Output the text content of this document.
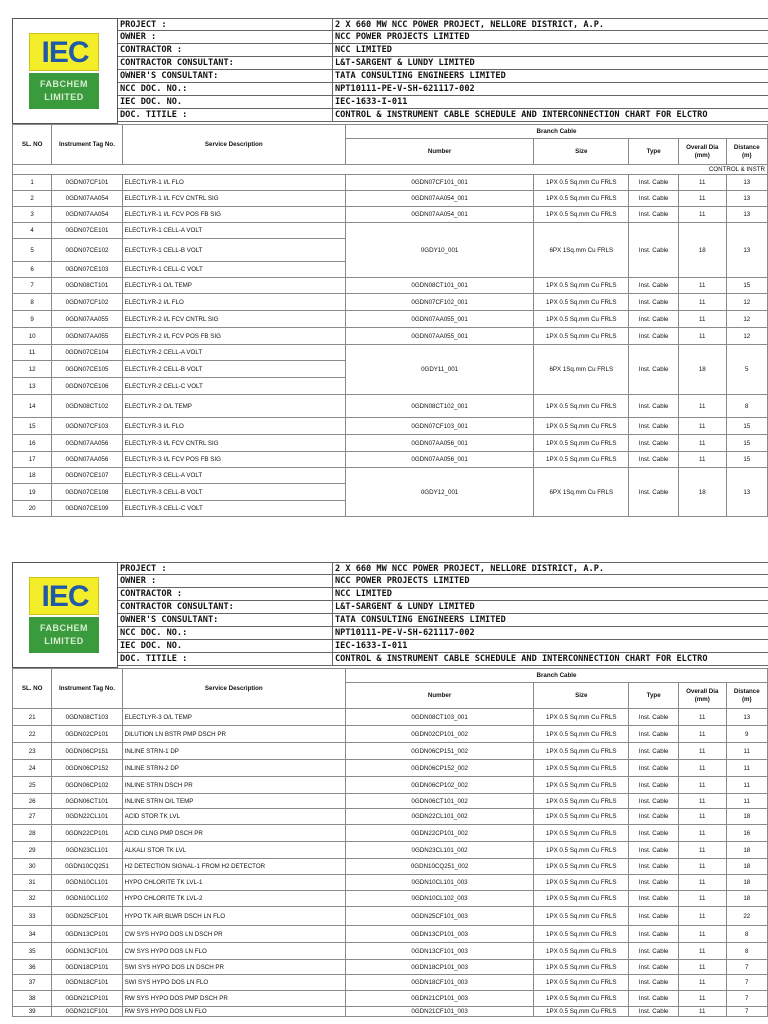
IEC
FABCHEM
LIMITED
PROJECT :	2 X 660 MW NCC POWER PROJECT, NELLORE DISTRICT, A.P.
OWNER :	NCC POWER PROJECTS LIMITED
CONTRACTOR :	NCC LIMITED
CONTRACTOR CONSULTANT:	L&T-SARGENT & LUNDY LIMITED
OWNER'S CONSULTANT:	TATA CONSULTING ENGINEERS LIMITED
NCC DOC. NO.:	NPT10111-PE-V-SH-621117-002
IEC DOC. NO.	IEC-1633-I-011
DOC. TITILE :	CONTROL & INSTRUMENT CABLE SCHEDULE AND INTERCONNECTION CHART FOR ELCTRO
SL. NO	Instrument Tag No.	Service Description	Branch Cable				
			Number	Size	Type	Overall Dia (mm)	Distance (m)
CONTROL & INSTR							
1	0GDN07CF101	ELECTLYR-1 I/L FLO	0GDN07CF101_001	1PX 0.5 Sq.mm Cu FRLS	Inst. Cable	11	13
2	0GDN07AA054	ELECTLYR-1 I/L FCV CNTRL SIG	0GDN07AA054_001	1PX 0.5 Sq.mm Cu FRLS	Inst. Cable	11	13
3	0GDN07AA054	ELECTLYR-1 I/L FCV POS FB SIG	0GDN07AA054_001	1PX 0.5 Sq.mm Cu FRLS	Inst. Cable	11	13
4	0GDN07CE101	ELECTLYR-1 CELL-A VOLT	0GDY10_001	6PX 1Sq.mm Cu FRLS	Inst. Cable	18	13
5	0GDN07CE102	ELECTLYR-1 CELL-B VOLT					
6	0GDN07CE103	ELECTLYR-1 CELL-C VOLT					
7	0GDN08CT101	ELECTLYR-1 O/L TEMP	0GDN08CT101_001	1PX 0.5 Sq.mm Cu FRLS	Inst. Cable	11	15
8	0GDN07CF102	ELECTLYR-2 I/L FLO	0GDN07CF102_001	1PX 0.5 Sq.mm Cu FRLS	Inst. Cable	11	12
9	0GDN07AA055	ELECTLYR-2 I/L FCV CNTRL SIG	0GDN07AA055_001	1PX 0.5 Sq.mm Cu FRLS	Inst. Cable	11	12
10	0GDN07AA055	ELECTLYR-2 I/L FCV POS FB SIG	0GDN07AA055_001	1PX 0.5 Sq.mm Cu FRLS	Inst. Cable	11	12
11	0GDN07CE104	ELECTLYR-2 CELL-A VOLT	0GDY11_001	6PX 1Sq.mm Cu FRLS	Inst. Cable	18	5
12	0GDN07CE105	ELECTLYR-2 CELL-B VOLT					
13	0GDN07CE106	ELECTLYR-2 CELL-C VOLT					
14	0GDN08CT102	ELECTLYR-2 O/L TEMP	0GDN08CT102_001	1PX 0.5 Sq.mm Cu FRLS	Inst. Cable	11	8
15	0GDN07CF103	ELECTLYR-3 I/L FLO	0GDN07CF103_001	1PX 0.5 Sq.mm Cu FRLS	Inst. Cable	11	15
16	0GDN07AA056	ELECTLYR-3 I/L FCV CNTRL SIG	0GDN07AA056_001	1PX 0.5 Sq.mm Cu FRLS	Inst. Cable	11	15
17	0GDN07AA056	ELECTLYR-3 I/L FCV POS FB SIG	0GDN07AA056_001	1PX 0.5 Sq.mm Cu FRLS	Inst. Cable	11	15
18	0GDN07CE107	ELECTLYR-3 CELL-A VOLT	0GDY12_001	6PX 1Sq.mm Cu FRLS	Inst. Cable	18	13
19	0GDN07CE108	ELECTLYR-3 CELL-B VOLT					
20	0GDN07CE109	ELECTLYR-3 CELL-C VOLT					
IEC
FABCHEM
LIMITED
PROJECT :	2 X 660 MW NCC POWER PROJECT, NELLORE DISTRICT, A.P.
OWNER :	NCC POWER PROJECTS LIMITED
CONTRACTOR :	NCC LIMITED
CONTRACTOR CONSULTANT:	L&T-SARGENT & LUNDY LIMITED
OWNER'S CONSULTANT:	TATA CONSULTING ENGINEERS LIMITED
NCC DOC. NO.:	NPT10111-PE-V-SH-621117-002
IEC DOC. NO.	IEC-1633-I-011
DOC. TITILE :	CONTROL & INSTRUMENT CABLE SCHEDULE AND INTERCONNECTION CHART FOR ELCTRO
SL. NO	Instrument Tag No.	Service Description	Branch Cable				
			Number	Size	Type	Overall Dia (mm)	Distance (m)
21	0GDN08CT103	ELECTLYR-3 O/L TEMP	0GDN08CT103_001	1PX 0.5 Sq.mm Cu FRLS	Inst. Cable	11	13
22	0GDN02CP101	DILUTION LN BSTR PMP DSCH PR	0GDN02CP101_002	1PX 0.5 Sq.mm Cu FRLS	Inst. Cable	11	9
23	0GDN06CP151	INLINE STRN-1 DP	0GDN06CP151_002	1PX 0.5 Sq.mm Cu FRLS	Inst. Cable	11	11
24	0GDN06CP152	INLINE STRN-2 DP	0GDN06CP152_002	1PX 0.5 Sq.mm Cu FRLS	Inst. Cable	11	11
25	0GDN06CP102	INLINE STRN DSCH PR	0GDN06CP102_002	1PX 0.5 Sq.mm Cu FRLS	Inst. Cable	11	11
26	0GDN06CT101	INLINE STRN O/L TEMP	0GDN06CT101_002	1PX 0.5 Sq.mm Cu FRLS	Inst. Cable	11	11
27	0GDN22CL101	ACID STOR TK LVL	0GDN22CL101_002	1PX 0.5 Sq.mm Cu FRLS	Inst. Cable	11	18
28	0GDN22CP101	ACID CLNG PMP DSCH PR	0GDN22CP101_002	1PX 0.5 Sq.mm Cu FRLS	Inst. Cable	11	16
29	0GDN23CL101	ALKALI STOR TK LVL	0GDN23CL101_002	1PX 0.5 Sq.mm Cu FRLS	Inst. Cable	11	18
30	0GDN10CQ251	H2 DETECTION SIGNAL-1 FROM H2 DETECTOR	0GDN10CQ251_002	1PX 0.5 Sq.mm Cu FRLS	Inst. Cable	11	18
31	0GDN10CL101	HYPO CHLORITE TK LVL-1	0GDN10CL101_003	1PX 0.5 Sq.mm Cu FRLS	Inst. Cable	11	18
32	0GDN10CL102	HYPO CHLORITE TK LVL-2	0GDN10CL102_003	1PX 0.5 Sq.mm Cu FRLS	Inst. Cable	11	18
33	0GDN25CF101	HYPO TK AIR BLWR DSCH LN FLO	0GDN25CF101_003	1PX 0.5 Sq.mm Cu FRLS	Inst. Cable	11	22
34	0GDN13CP101	CW SYS HYPO DOS LN DSCH PR	0GDN13CP101_003	1PX 0.5 Sq.mm Cu FRLS	Inst. Cable	11	8
35	0GDN13CF101	CW SYS HYPO DOS LN FLO	0GDN13CF101_003	1PX 0.5 Sq.mm Cu FRLS	Inst. Cable	11	8
36	0GDN18CP101	SWI SYS HYPO DOS LN DSCH PR	0GDN18CP101_003	1PX 0.5 Sq.mm Cu FRLS	Inst. Cable	11	7
37	0GDN18CF101	SWI SYS HYPO DOS LN FLO	0GDN18CF101_003	1PX 0.5 Sq.mm Cu FRLS	Inst. Cable	11	7
38	0GDN21CP101	RW SYS HYPO DOS PMP DSCH PR	0GDN21CP101_003	1PX 0.5 Sq.mm Cu FRLS	Inst. Cable	11	7
39	0GDN21CF101	RW SYS HYPO DOS LN FLO	0GDN21CF101_003	1PX 0.5 Sq.mm Cu FRLS	Inst. Cable	11	7
